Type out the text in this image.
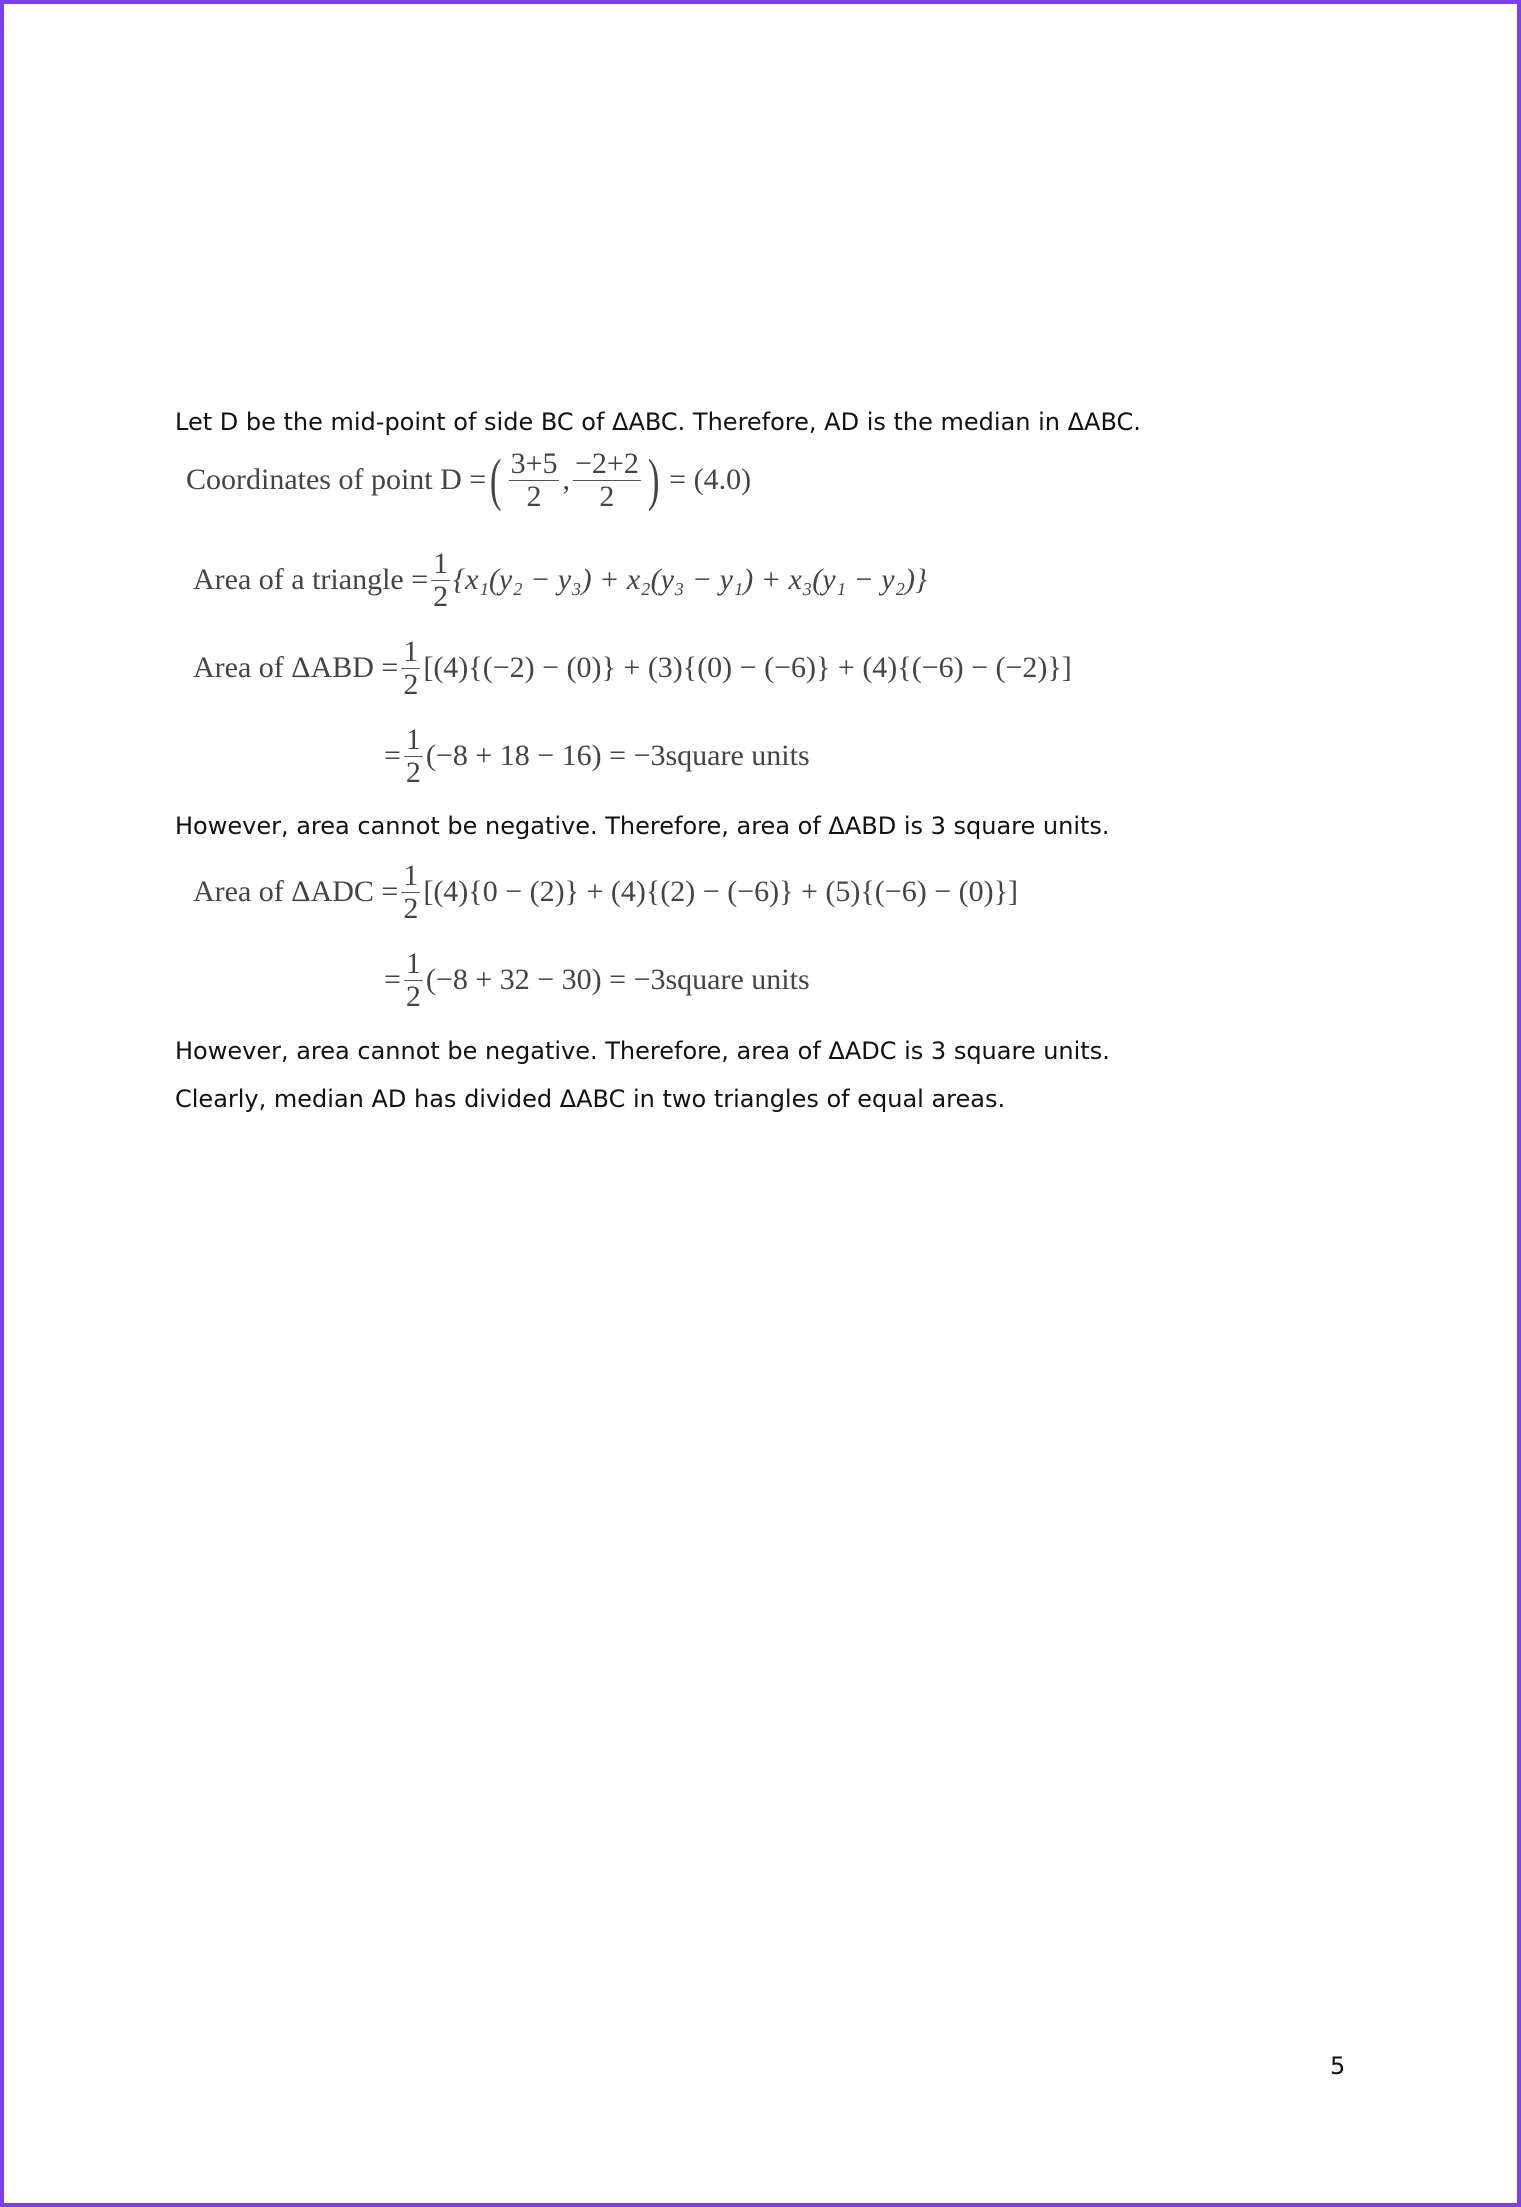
Let D be the mid-point of side BC of ΔABC. Therefore, AD is the median in ΔABC.
Coordinates of point D = ( $\frac{3+5}{2}$ , $\frac{-2+2}{2}$ ) = (4.0)
Area of a triangle = $\frac{1}{2} \{x_1(y_2 - y_3) + x_2(y_3 - y_1) + x_3(y_1 - y_2)\}$
Area of $\Delta ABD = \frac{1}{2} [(4)\{(-2) - (0)\} + (3)\{(0) - (-6)\} + (4)\{(-6) - (-2)\}]$
= $\frac{1}{2} (-8 + 18 - 16)$ = −3square units
However, area cannot be negative. Therefore, area of ΔABD is 3 square units.
Area of $\Delta ADC = \frac{1}{2} [(4)\{0 - (2)\} + (4)\{(2) - (-6)\} + (5)\{(-6) - (0)\}]$
= $\frac{1}{2} (-8 + 32 - 30)$ = −3square units
However, area cannot be negative. Therefore, area of ΔADC is 3 square units.
Clearly, median AD has divided ΔABC in two triangles of equal areas.
5
